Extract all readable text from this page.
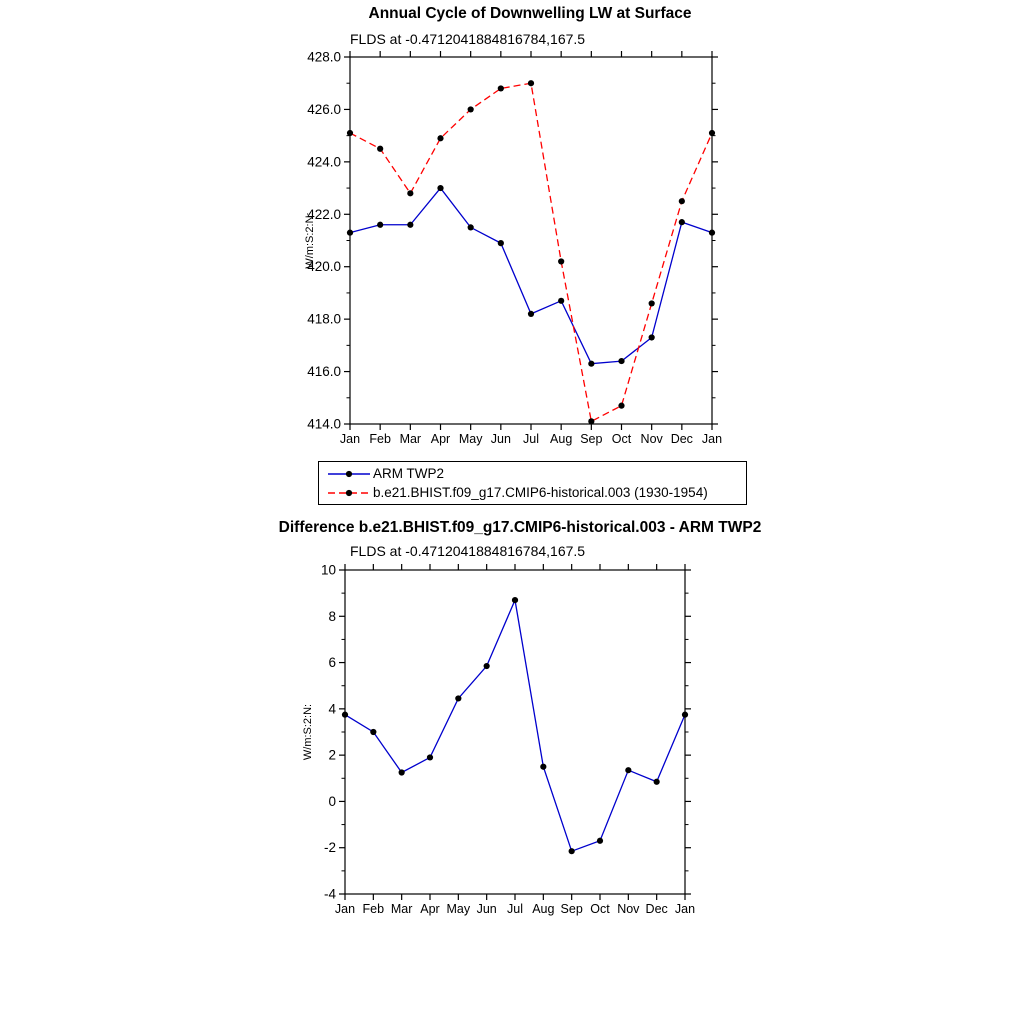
414.0
416.0
418.0
420.0
422.0
424.0
426.0
428.0
Jan Feb Mar Apr May Jun Jul Aug Sep Oct Nov Dec Jan
W/m:S:2:N:
-4
-2
0
2
4
6
8
10
Jan Feb Mar Apr May Jun Jul Aug Sep Oct Nov Dec Jan
W/m:S:2:N:
Annual Cycle of Downwelling LW at Surface
FLDS at -0.4712041884816784,167.5
ARM TWP2
b.e21.BHIST.f09_g17.CMIP6-historical.003 (1930-1954)
Difference b.e21.BHIST.f09_g17.CMIP6-historical.003 - ARM TWP2
FLDS at -0.4712041884816784,167.5
